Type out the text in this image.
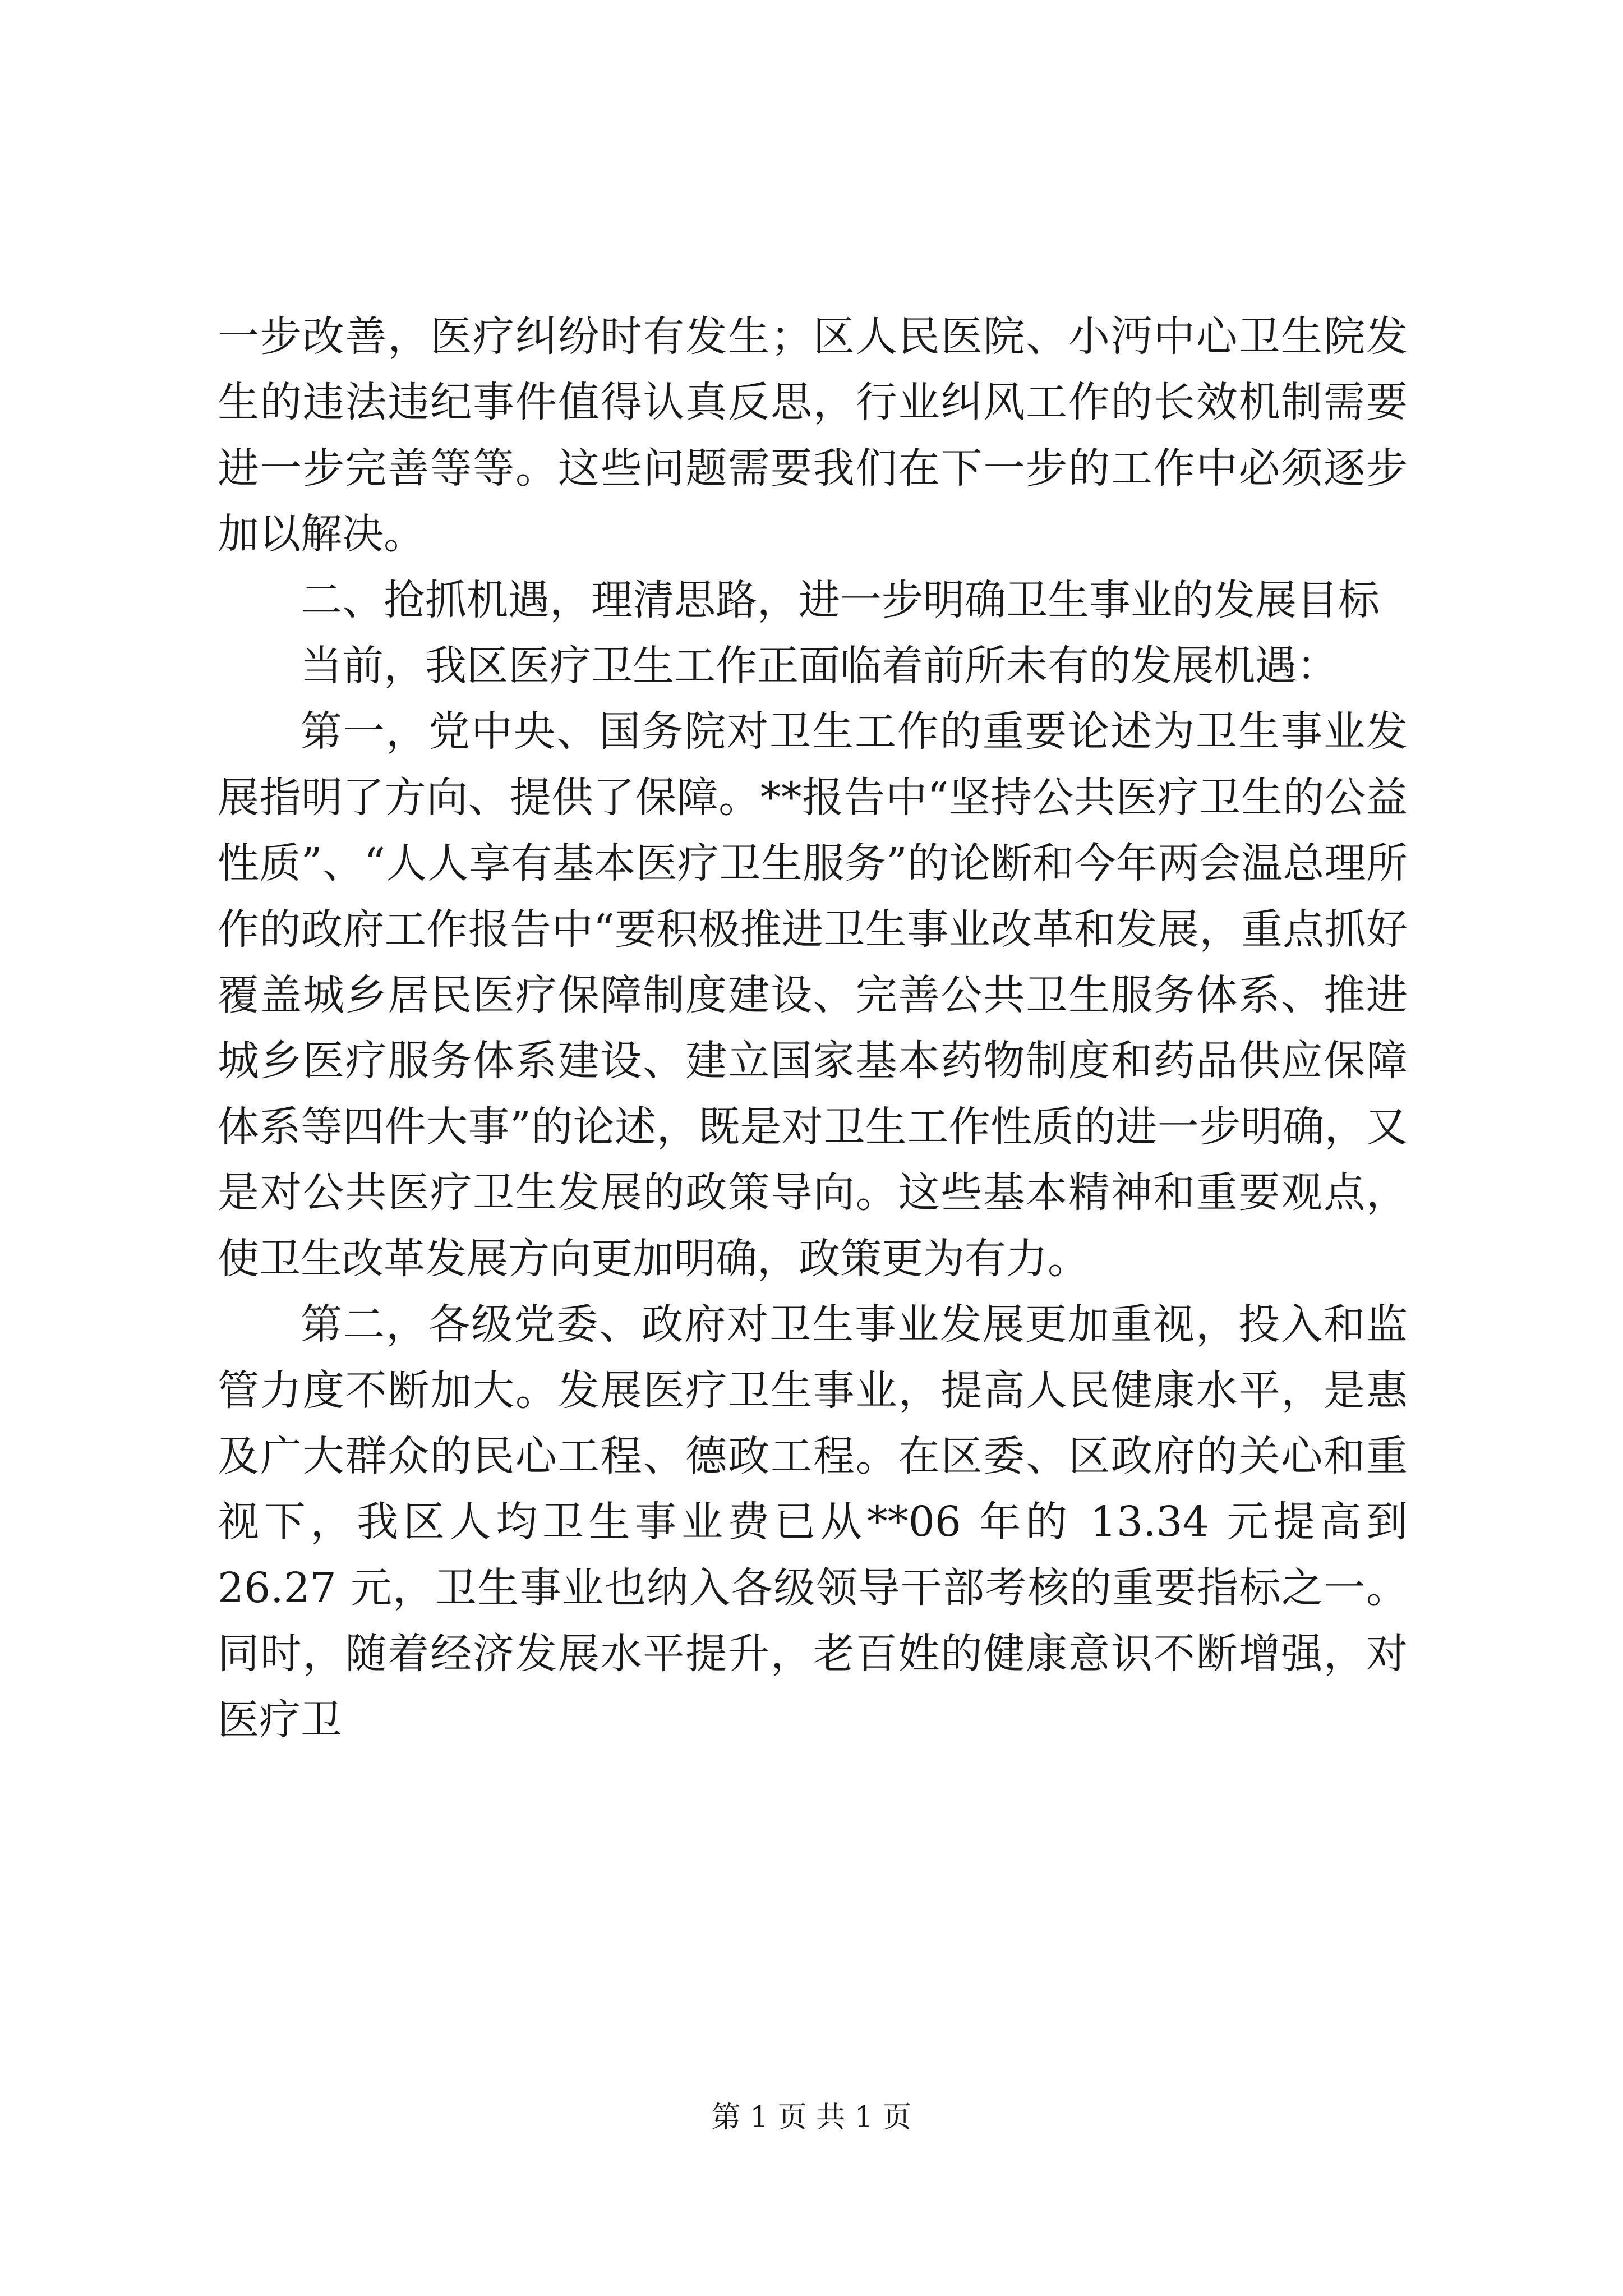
一步改善，医疗纠纷时有发生；区人民医院、小沔中心卫生院发生的违法违纪事件值得认真反思，行业纠风工作的长效机制需要进一步完善等等。这些问题需要我们在下一步的工作中必须逐步加以解决。

二、抢抓机遇，理清思路，进一步明确卫生事业的发展目标

当前，我区医疗卫生工作正面临着前所未有的发展机遇：

第一，党中央、国务院对卫生工作的重要论述为卫生事业发展指明了方向、提供了保障。**报告中“坚持公共医疗卫生的公益性质”、“人人享有基本医疗卫生服务”的论断和今年两会温总理所作的政府工作报告中“要积极推进卫生事业改革和发展，重点抓好覆盖城乡居民医疗保障制度建设、完善公共卫生服务体系、推进城乡医疗服务体系建设、建立国家基本药物制度和药品供应保障体系等四件大事”的论述，既是对卫生工作性质的进一步明确，又是对公共医疗卫生发展的政策导向。这些基本精神和重要观点，使卫生改革发展方向更加明确，政策更为有力。

第二，各级党委、政府对卫生事业发展更加重视，投入和监管力度不断加大。发展医疗卫生事业，提高人民健康水平，是惠及广大群众的民心工程、德政工程。在区委、区政府的关心和重视下，我区人均卫生事业费已从**06 年的 13.34 元提高到 26.27 元，卫生事业也纳入各级领导干部考核的重要指标之一。同时，随着经济发展水平提升，老百姓的健康意识不断增强，对医疗卫

第 1 页 共 1 页
